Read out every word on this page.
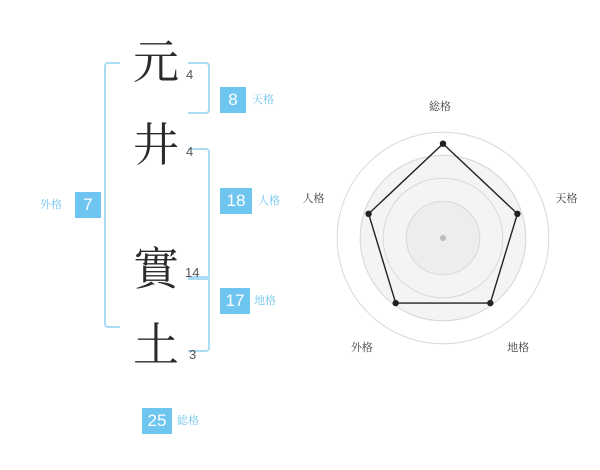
元 4
井 4
實 14
土 3
8	天格
18	人格
17 地格
外格	7
25 総格
総格
天格
地格
外格
人格
